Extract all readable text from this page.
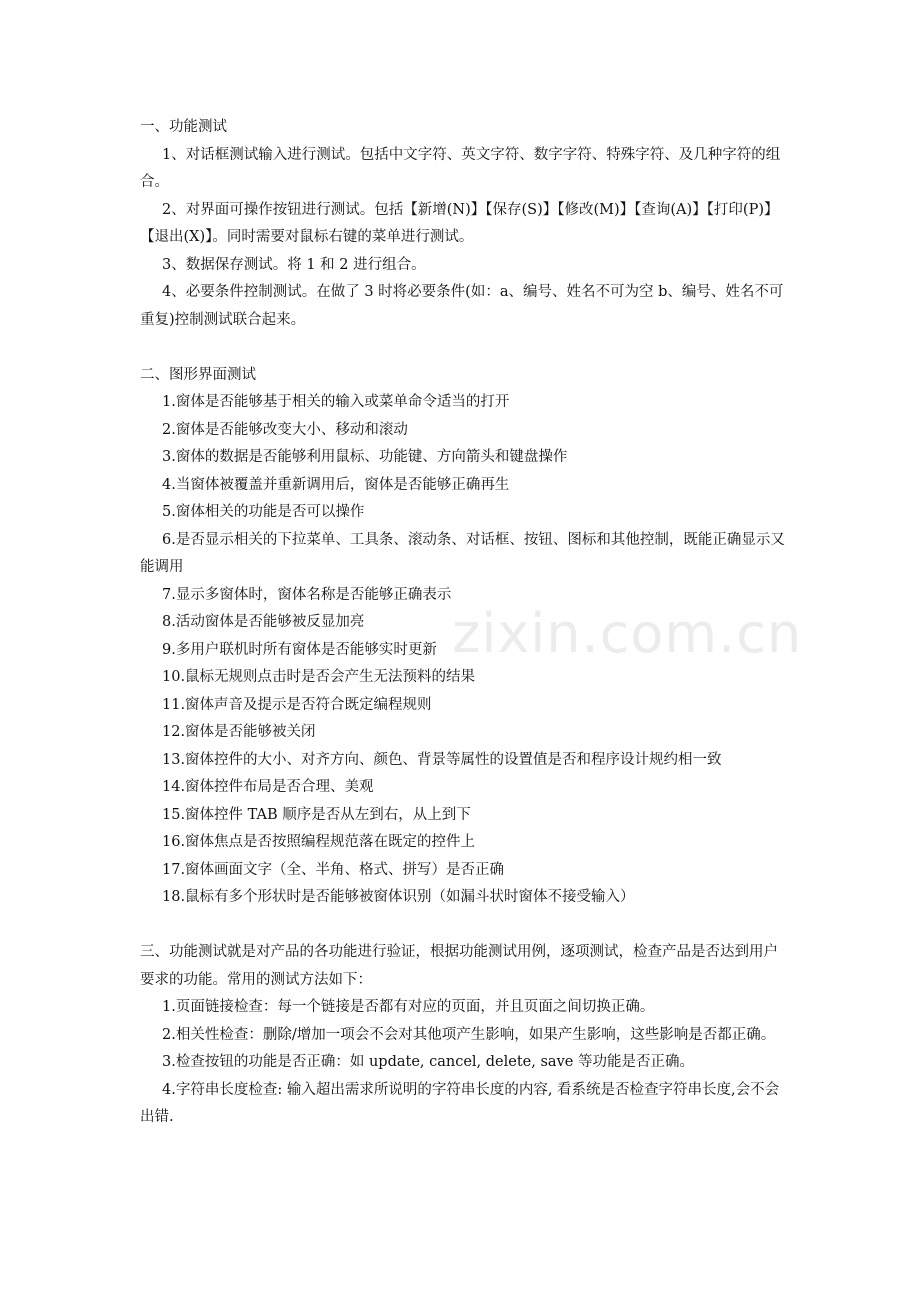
zixin.com.cn

一、功能测试

1、对话框测试输入进行测试。包括中文字符、英文字符、数字字符、特殊字符、及几种字符的组合。

2、对界面可操作按钮进行测试。包括【新增(N)】【保存(S)】【修改(M)】【查询(A)】【打印(P)】【退出(X)】。同时需要对鼠标右键的菜单进行测试。

3、数据保存测试。将 1 和 2 进行组合。

4、必要条件控制测试。在做了 3 时将必要条件(如：a、编号、姓名不可为空 b、编号、姓名不可重复)控制测试联合起来。

二、图形界面测试

1.窗体是否能够基于相关的输入或菜单命令适当的打开

2.窗体是否能够改变大小、移动和滚动

3.窗体的数据是否能够利用鼠标、功能键、方向箭头和键盘操作

4.当窗体被覆盖并重新调用后，窗体是否能够正确再生

5.窗体相关的功能是否可以操作

6.是否显示相关的下拉菜单、工具条、滚动条、对话框、按钮、图标和其他控制，既能正确显示又能调用

7.显示多窗体时，窗体名称是否能够正确表示

8.活动窗体是否能够被反显加亮

9.多用户联机时所有窗体是否能够实时更新

10.鼠标无规则点击时是否会产生无法预料的结果

11.窗体声音及提示是否符合既定编程规则

12.窗体是否能够被关闭

13.窗体控件的大小、对齐方向、颜色、背景等属性的设置值是否和程序设计规约相一致

14.窗体控件布局是否合理、美观

15.窗体控件 TAB 顺序是否从左到右，从上到下

16.窗体焦点是否按照编程规范落在既定的控件上

17.窗体画面文字（全、半角、格式、拼写）是否正确

18.鼠标有多个形状时是否能够被窗体识别（如漏斗状时窗体不接受输入）

三、功能测试就是对产品的各功能进行验证，根据功能测试用例，逐项测试，检查产品是否达到用户要求的功能。常用的测试方法如下：

1.页面链接检查：每一个链接是否都有对应的页面，并且页面之间切换正确。

2.相关性检查：删除/增加一项会不会对其他项产生影响，如果产生影响，这些影响是否都正确。

3.检查按钮的功能是否正确：如 update, cancel, delete, save 等功能是否正确。

4.字符串长度检查: 输入超出需求所说明的字符串长度的内容, 看系统是否检查字符串长度,会不会出错.
